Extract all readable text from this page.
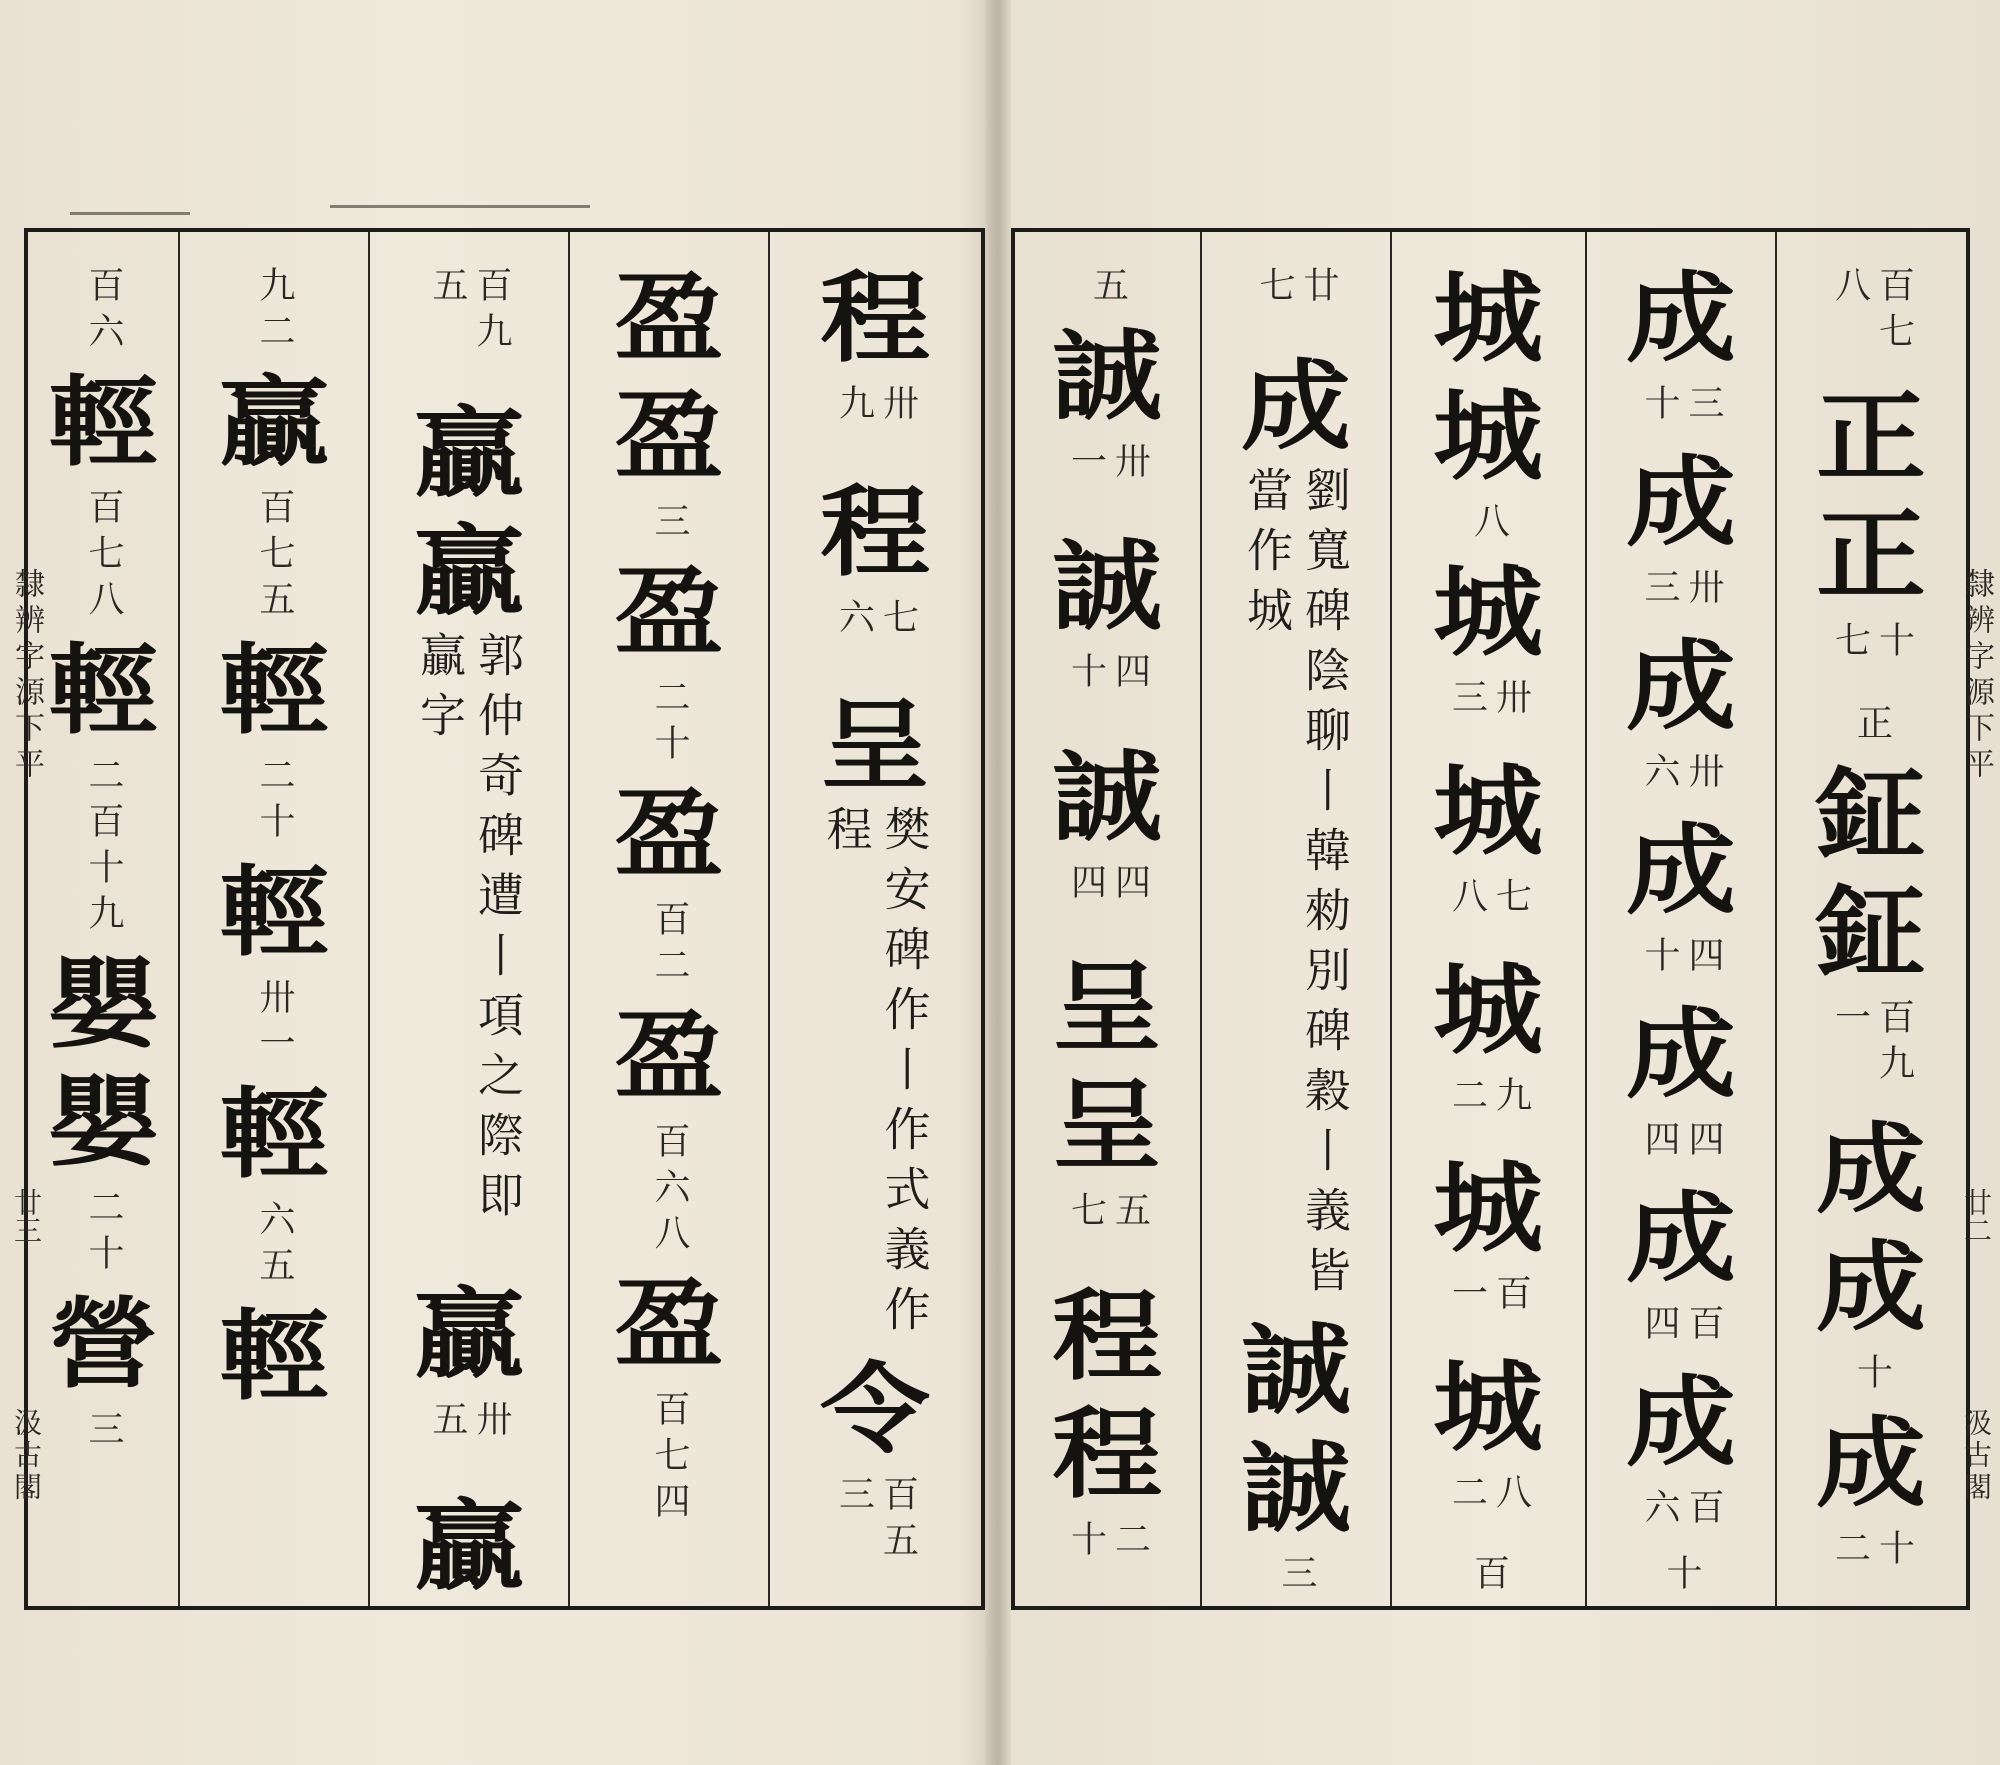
百六
輕
百七八
輕
二百十九
嬰
嬰
二十
營
三
九二
贏
百七五
輕
二十
輕
卅一
輕
六五
輕
百九五
贏
贏
郭仲奇碑遭丨項之際即贏字
贏
卅五
贏
盈
盈
三
盈
二十
盈
百二
盈
百六八
盈
百七四
程
卅九
程
七六
呈
樊安碑作丨作式義作程
令
百五三
隸辨字源下平
廿三
汲古閣
五
誠
卅一
誠
四十
誠
四四
呈
呈
五七
程
程
二十
廿七
成
劉寬碑陰聊丨韓勑別碑穀丨義皆當作城
誠
誠
三
城
城
八
城
卅三
城
七八
城
九二
城
百一
城
八二
百
成
三十
成
卅三
成
卅六
成
四十
成
四四
成
百四
成
百六
十
百七八
正
正
十七
正
鉦
鉦
百九一
成
成
十
成
十二
隸辨字源下平
廿二
汲古閣
